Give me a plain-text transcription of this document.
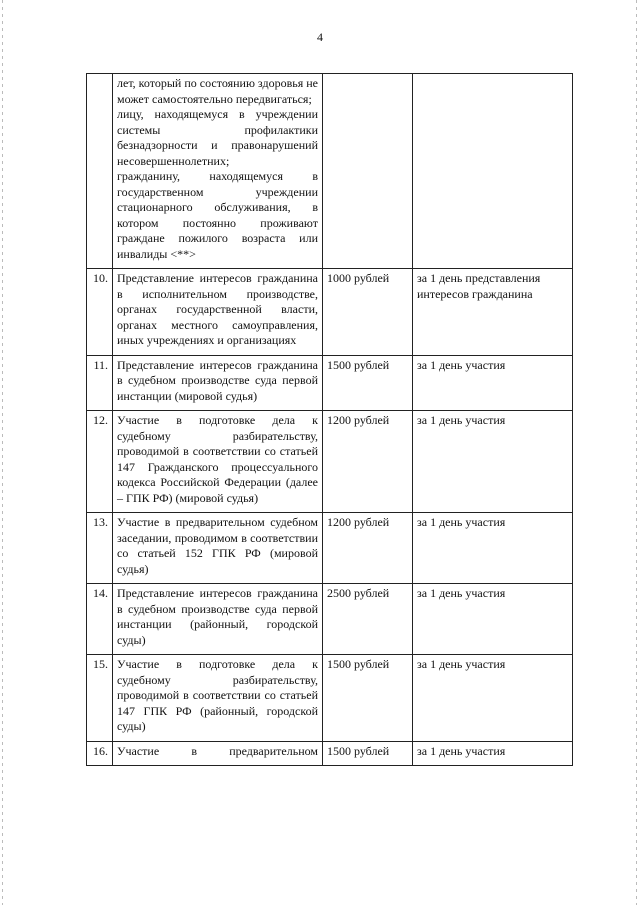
4

	лет, который по состоянию здоровья не может самостоятельно передвигаться;

лицу, находящемуся в учреждении системы профилактики безнадзорности и правонарушений несовершеннолетних;

гражданину, находящемуся в государственном учреждении стационарного обслуживания, в котором постоянно проживают граждане пожилого возраста или инвалиды <**>		

10.	Представление интересов гражданина в исполнительном производстве, органах государственной власти, органах местного самоуправления, иных учреждениях и организациях	1000 рублей	за 1 день представления интересов гражданина
11.	Представление интересов гражданина в судебном производстве суда первой инстанции (мировой судья)	1500 рублей	за 1 день участия
12.	Участие в подготовке дела к судебному разбирательству, проводимой в соответствии со статьей 147 Гражданского процессуального кодекса Российской Федерации (далее – ГПК РФ) (мировой судья)	1200 рублей	за 1 день участия
13.	Участие в предварительном судебном заседании, проводимом в соответствии со статьей 152 ГПК РФ (мировой судья)	1200 рублей	за 1 день участия
14.	Представление интересов гражданина в судебном производстве суда первой инстанции (районный, городской суды)	2500 рублей	за 1 день участия
15.	Участие в подготовке дела к судебному разбирательству, проводимой в соответствии со статьей 147 ГПК РФ (районный, городской суды)	1500 рублей	за 1 день участия
16.	Участие в предварительном	1500 рублей	за 1 день участия
